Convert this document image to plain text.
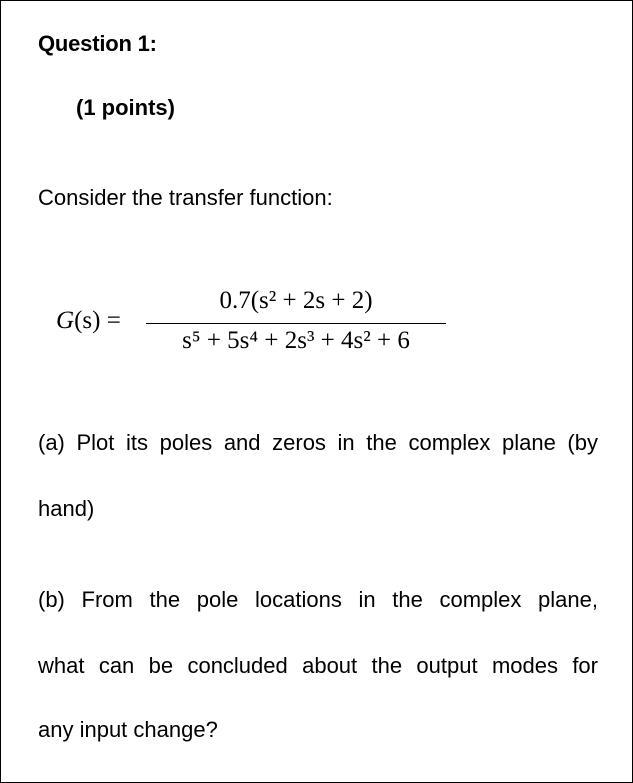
Question 1:
(1 points)
Consider the transfer function:
G(s) =
0.7(s² + 2s + 2)
s⁵ + 5s⁴ + 2s³ + 4s² + 6
(a) Plot its poles and zeros in the complex plane (by
hand)
(b) From the pole locations in the complex plane,
what can be concluded about the output modes for
any input change?
